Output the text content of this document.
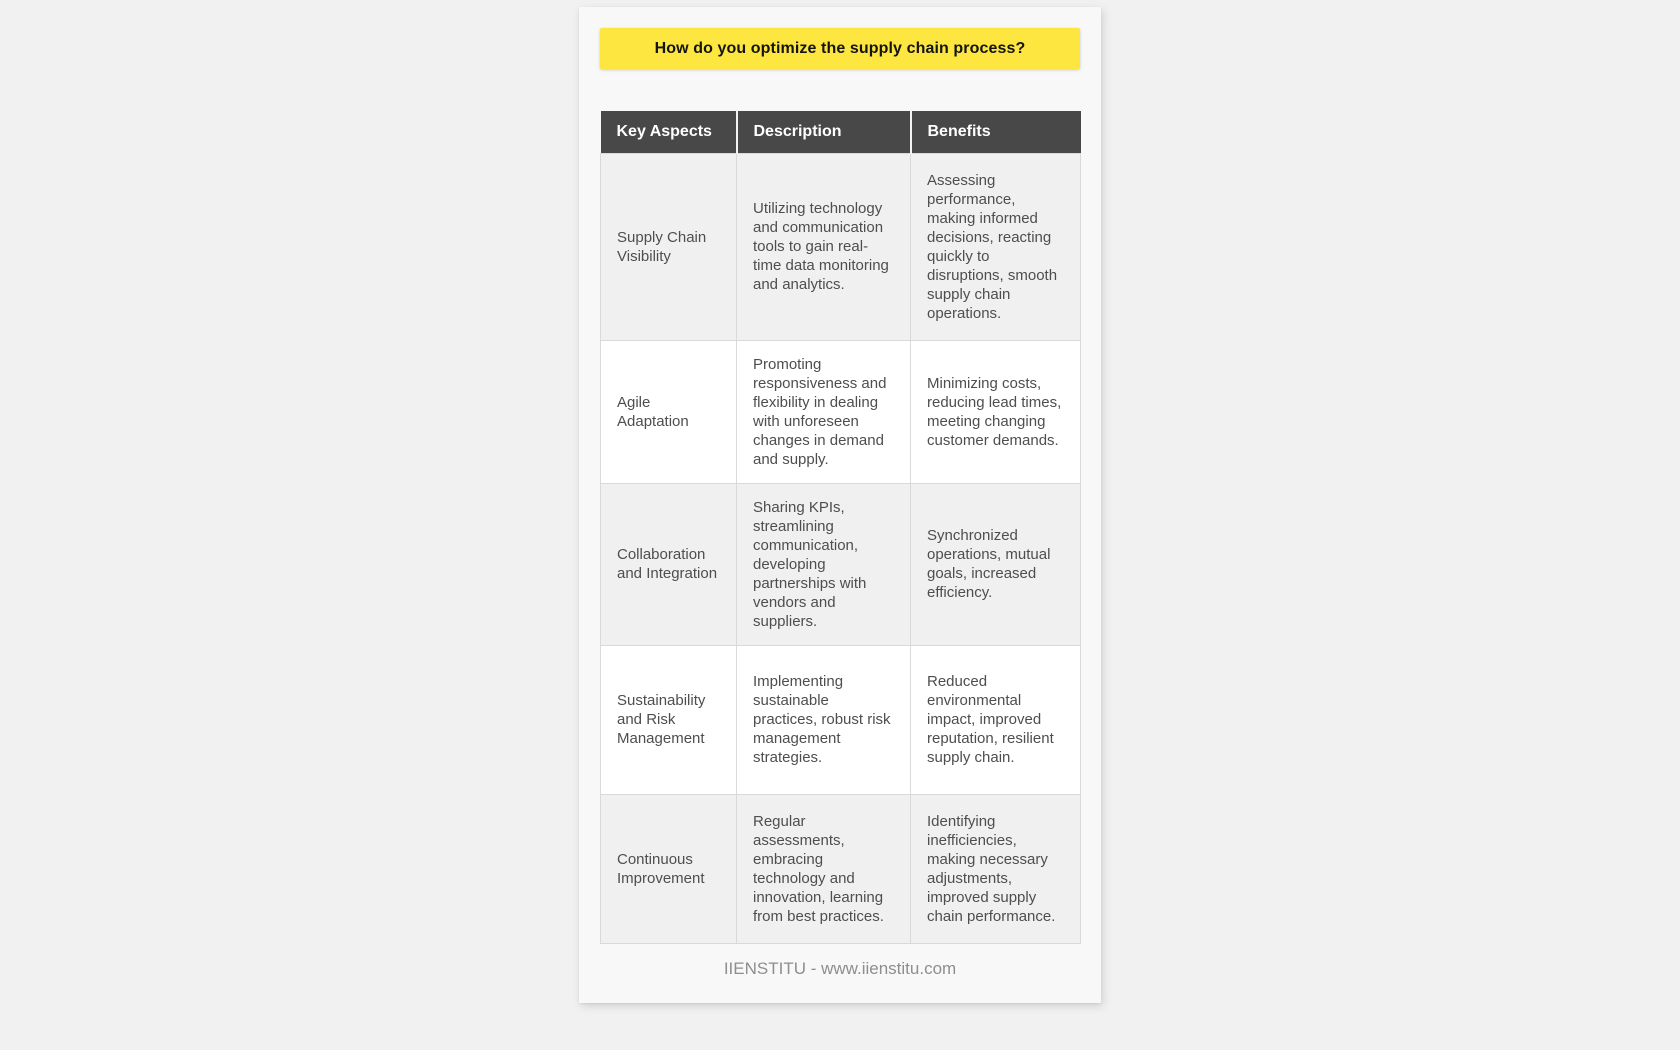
How do you optimize the supply chain process?
Key Aspects	Description	Benefits
Supply Chain Visibility	Utilizing technology and communication tools to gain real-time data monitoring and analytics.	Assessing performance, making informed decisions, reacting quickly to disruptions, smooth supply chain operations.
Agile Adaptation	Promoting responsiveness and flexibility in dealing with unforeseen changes in demand and supply.	Minimizing costs, reducing lead times, meeting changing customer demands.
Collaboration and Integration	Sharing KPIs, streamlining communication, developing partnerships with vendors and suppliers.	Synchronized operations, mutual goals, increased efficiency.
Sustainability and Risk Management	Implementing sustainable practices, robust risk management strategies.	Reduced environmental impact, improved reputation, resilient supply chain.
Continuous Improvement	Regular assessments, embracing technology and innovation, learning from best practices.	Identifying inefficiencies, making necessary adjustments, improved supply chain performance.
IIENSTITU - www.iienstitu.com
